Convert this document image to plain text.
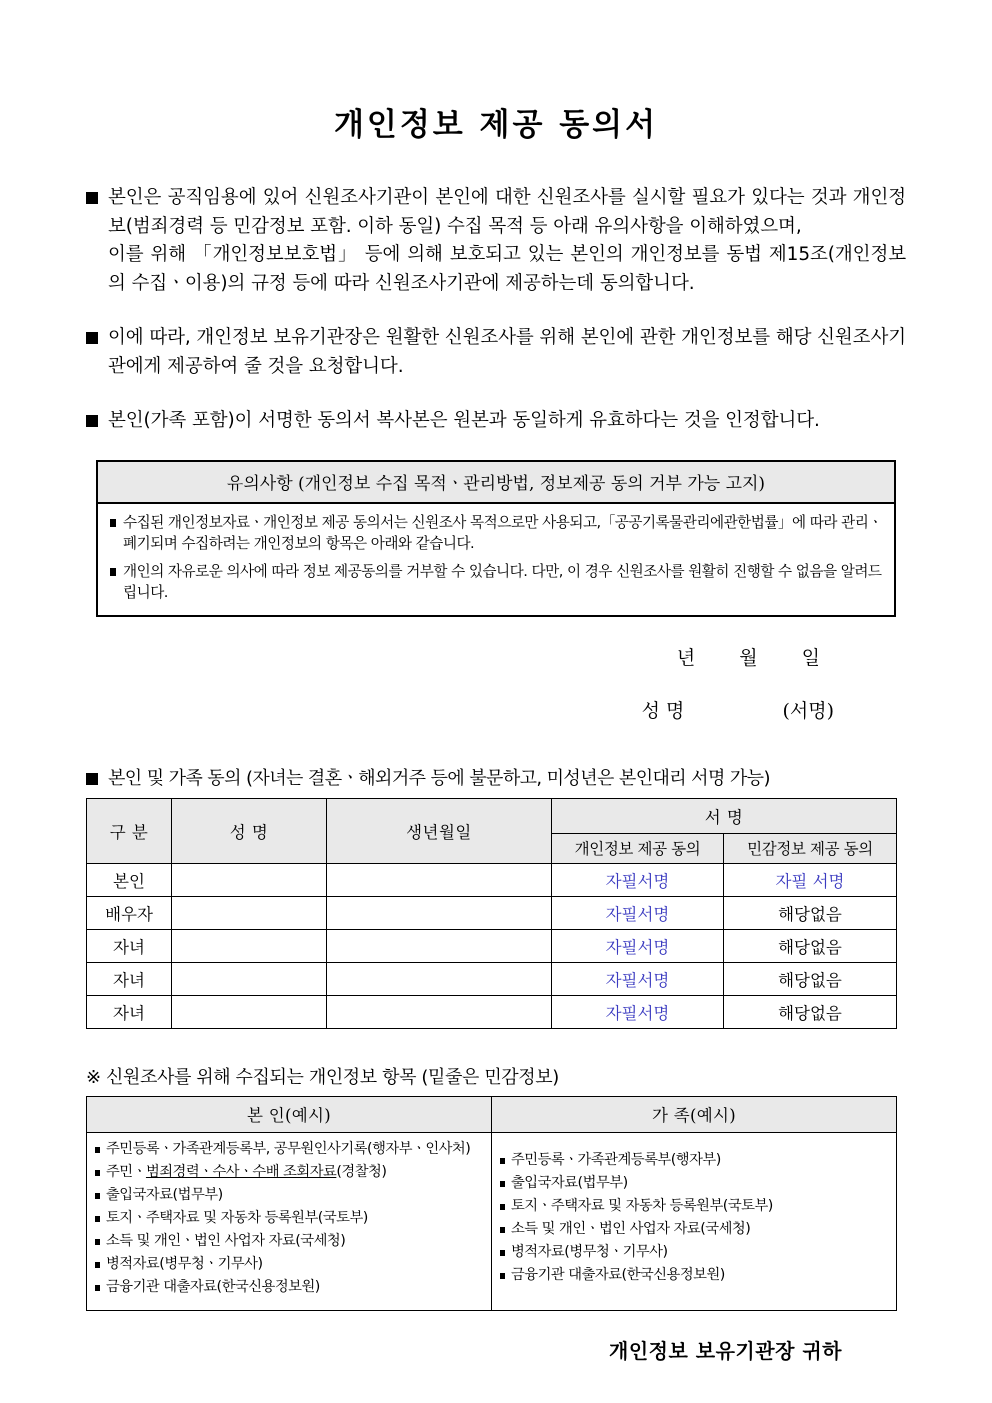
개인정보 제공 동의서

본인은 공직임용에 있어 신원조사기관이 본인에 대한 신원조사를 실시할 필요가 있다는 것과 개인정보(범죄경력 등 민감정보 포함. 이하 동일) 수집 목적 등 아래 유의사항을 이해하였으며,

이를 위해 「개인정보보호법」 등에 의해 보호되고 있는 본인의 개인정보를 동법 제15조(개인정보의 수집ㆍ이용)의 규정 등에 따라 신원조사기관에 제공하는데 동의합니다.

이에 따라, 개인정보 보유기관장은 원활한 신원조사를 위해 본인에 관한 개인정보를 해당 신원조사기관에게 제공하여 줄 것을 요청합니다.

본인(가족 포함)이 서명한 동의서 복사본은 원본과 동일하게 유효하다는 것을 인정합니다.

유의사항 (개인정보 수집 목적ㆍ관리방법, 정보제공 동의 거부 가능 고지)
수집된 개인정보자료ㆍ개인정보 제공 동의서는 신원조사 목적으로만 사용되고,「공공기록물관리에관한법률」에 따라 관리ㆍ폐기되며 수집하려는 개인정보의 항목은 아래와 같습니다.
개인의 자유로운 의사에 따라 정보 제공동의를 거부할 수 있습니다. 다만, 이 경우 신원조사를 원활히 진행할 수 없음을 알려드립니다.
년 월 일
성 명	(서명)
본인 및 가족 동의 (자녀는 결혼ㆍ해외거주 등에 불문하고, 미성년은 본인대리 서명 가능)
구 분	성 명	생년월일	서 명	
			개인정보 제공 동의	민감정보 제공 동의
본인			자필서명	자필 서명
배우자			자필서명	해당없음
자녀			자필서명	해당없음
자녀			자필서명	해당없음
자녀			자필서명	해당없음
※ 신원조사를 위해 수집되는 개인정보 항목 (밑줄은 민감정보)
본 인(예시)	가 족(예시)

주민등록ㆍ가족관계등록부, 공무원인사기록(행자부ㆍ인사처)
주민ㆍ범죄경력ㆍ수사ㆍ수배 조회자료(경찰청)
출입국자료(법무부)
토지ㆍ주택자료 및 자동차 등록원부(국토부)
소득 및 개인ㆍ법인 사업자 자료(국세청)
병적자료(병무청ㆍ기무사)
금융기관 대출자료(한국신용정보원)

주민등록ㆍ가족관계등록부(행자부)
출입국자료(법무부)
토지ㆍ주택자료 및 자동차 등록원부(국토부)
소득 및 개인ㆍ법인 사업자 자료(국세청)
병적자료(병무청ㆍ기무사)
금융기관 대출자료(한국신용정보원)
개인정보 보유기관장 귀하
